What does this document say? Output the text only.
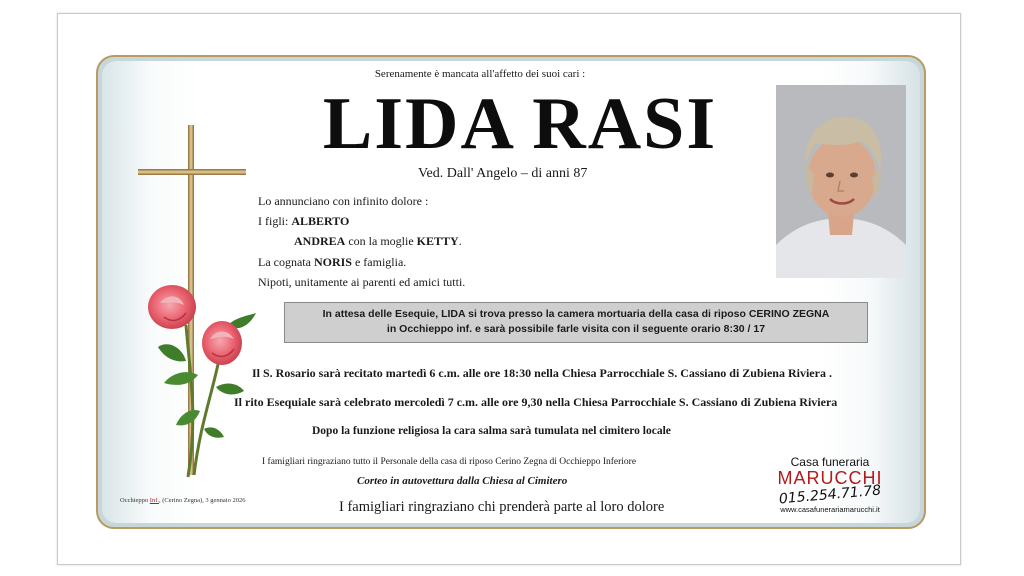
Serenamente è mancata all'affetto dei suoi cari :
LIDA RASI
Ved. Dall' Angelo – di anni 87
Lo annunciano con infinito dolore :
I figli: ALBERTO
ANDREA con la moglie KETTY.
La cognata NORIS e famiglia.
Nipoti, unitamente ai parenti ed amici tutti.
In attesa delle Esequie, LIDA si trova presso la camera mortuaria della casa di riposo CERINO ZEGNA
in Occhieppo inf. e sarà possibile farle visita con il seguente orario 8:30 / 17
Il S. Rosario sarà recitato martedì 6 c.m. alle ore 18:30 nella Chiesa Parrocchiale S. Cassiano di Zubiena Riviera .
Il rito Esequiale sarà celebrato mercoledì 7 c.m. alle ore 9,30 nella Chiesa Parrocchiale S. Cassiano di Zubiena Riviera
Dopo la funzione religiosa la cara salma sarà tumulata nel cimitero locale
I famigliari ringraziano tutto il Personale della casa di riposo Cerino Zegna di Occhieppo Inferiore
Corteo in autovettura dalla Chiesa al Cimitero
I famigliari ringraziano chi prenderà parte al loro dolore
Occhieppo Inf., (Cerino Zegna), 3 gennaio 2026
Casa funeraria
MARUCCHI
015.254.71.78
www.casafunerariamarucchi.it
